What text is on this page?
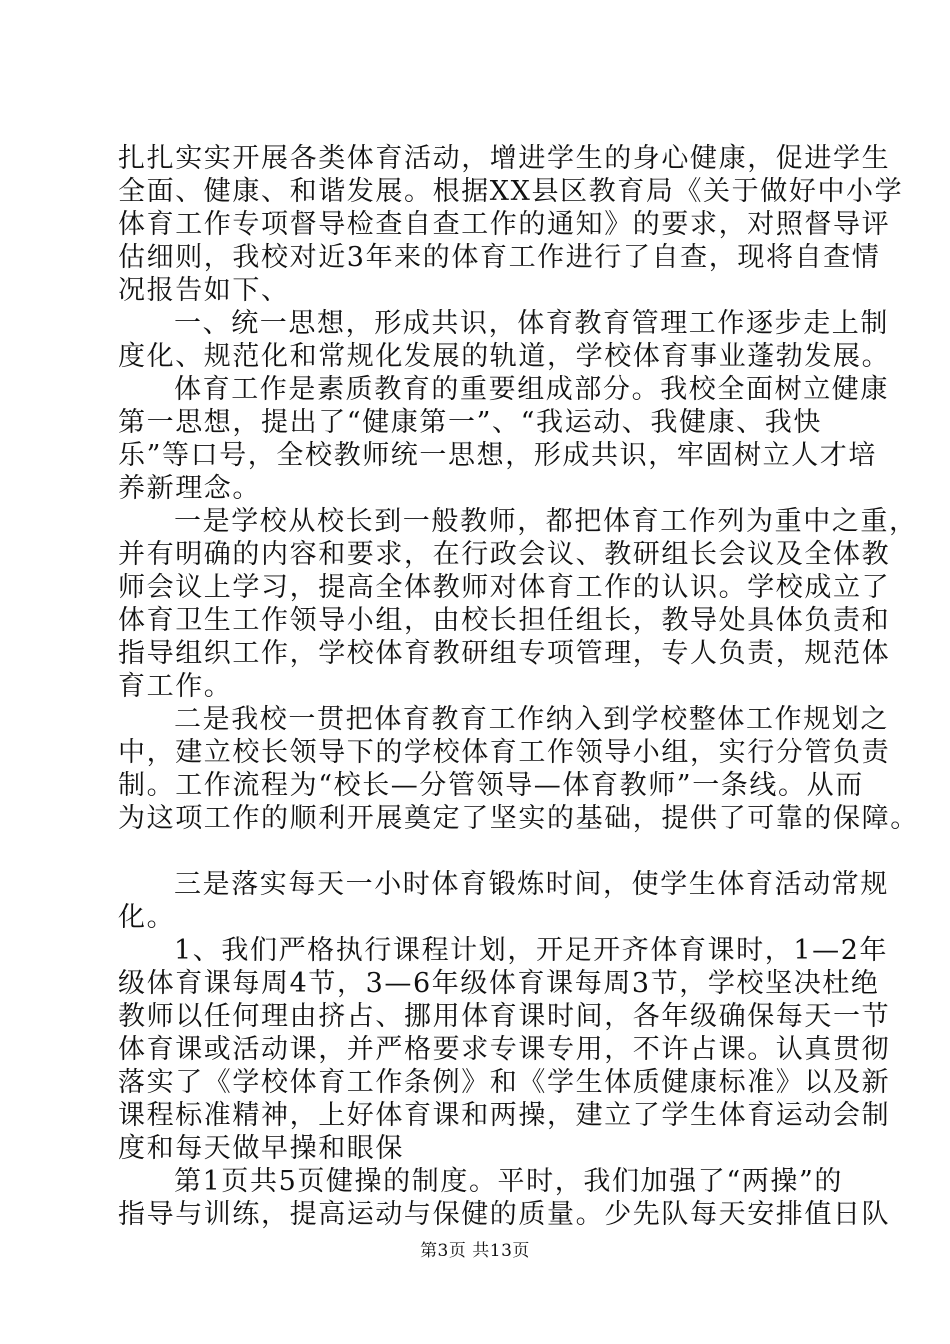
扎扎实实开展各类体育活动，增进学生的身心健康，促进学生
全面、健康、和谐发展。根据XX县区教育局《关于做好中小学
体育工作专项督导检查自查工作的通知》的要求，对照督导评
估细则，我校对近3年来的体育工作进行了自查，现将自查情
况报告如下、
一、统一思想，形成共识，体育教育管理工作逐步走上制
度化、规范化和常规化发展的轨道，学校体育事业蓬勃发展。
体育工作是素质教育的重要组成部分。我校全面树立健康
第一思想，提出了“健康第一”、“我运动、我健康、我快
乐”等口号，全校教师统一思想，形成共识，牢固树立人才培
养新理念。
一是学校从校长到一般教师，都把体育工作列为重中之重，
并有明确的内容和要求，在行政会议、教研组长会议及全体教
师会议上学习，提高全体教师对体育工作的认识。学校成立了
体育卫生工作领导小组，由校长担任组长，教导处具体负责和
指导组织工作，学校体育教研组专项管理，专人负责，规范体
育工作。
二是我校一贯把体育教育工作纳入到学校整体工作规划之
中，建立校长领导下的学校体育工作领导小组，实行分管负责
制。工作流程为“校长—分管领导—体育教师”一条线。从而
为这项工作的顺利开展奠定了坚实的基础，提供了可靠的保障。
三是落实每天一小时体育锻炼时间，使学生体育活动常规
化。
1、我们严格执行课程计划，开足开齐体育课时，1—2年
级体育课每周4节，3—6年级体育课每周3节，学校坚决杜绝
教师以任何理由挤占、挪用体育课时间，各年级确保每天一节
体育课或活动课，并严格要求专课专用，不许占课。认真贯彻
落实了《学校体育工作条例》和《学生体质健康标准》以及新
课程标准精神，上好体育课和两操，建立了学生体育运动会制
度和每天做早操和眼保
第1页共5页健操的制度。平时，我们加强了“两操”的
指导与训练，提高运动与保健的质量。少先队每天安排值日队
第3页 共13页
